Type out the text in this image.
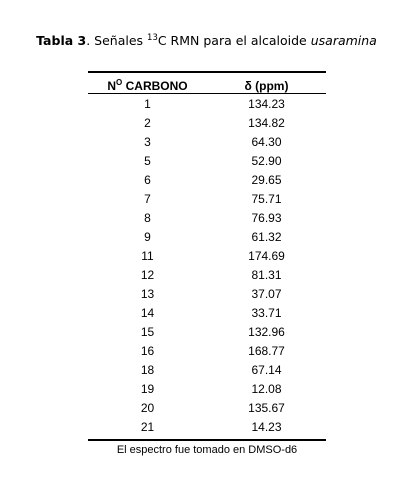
Tabla 3. Señales $^{13}$C RMN para el alcaloide usaramina
$N^O$ CARBONO	δ (ppm)
1	134.23
2	134.82
3	64.30
5	52.90
6	29.65
7	75.71
8	76.93
9	61.32
11	174.69
12	81.31
13	37.07
14	33.71
15	132.96
16	168.77
18	67.14
19	12.08
20	135.67
21	14.23
El espectro fue tomado en DMSO-d6
